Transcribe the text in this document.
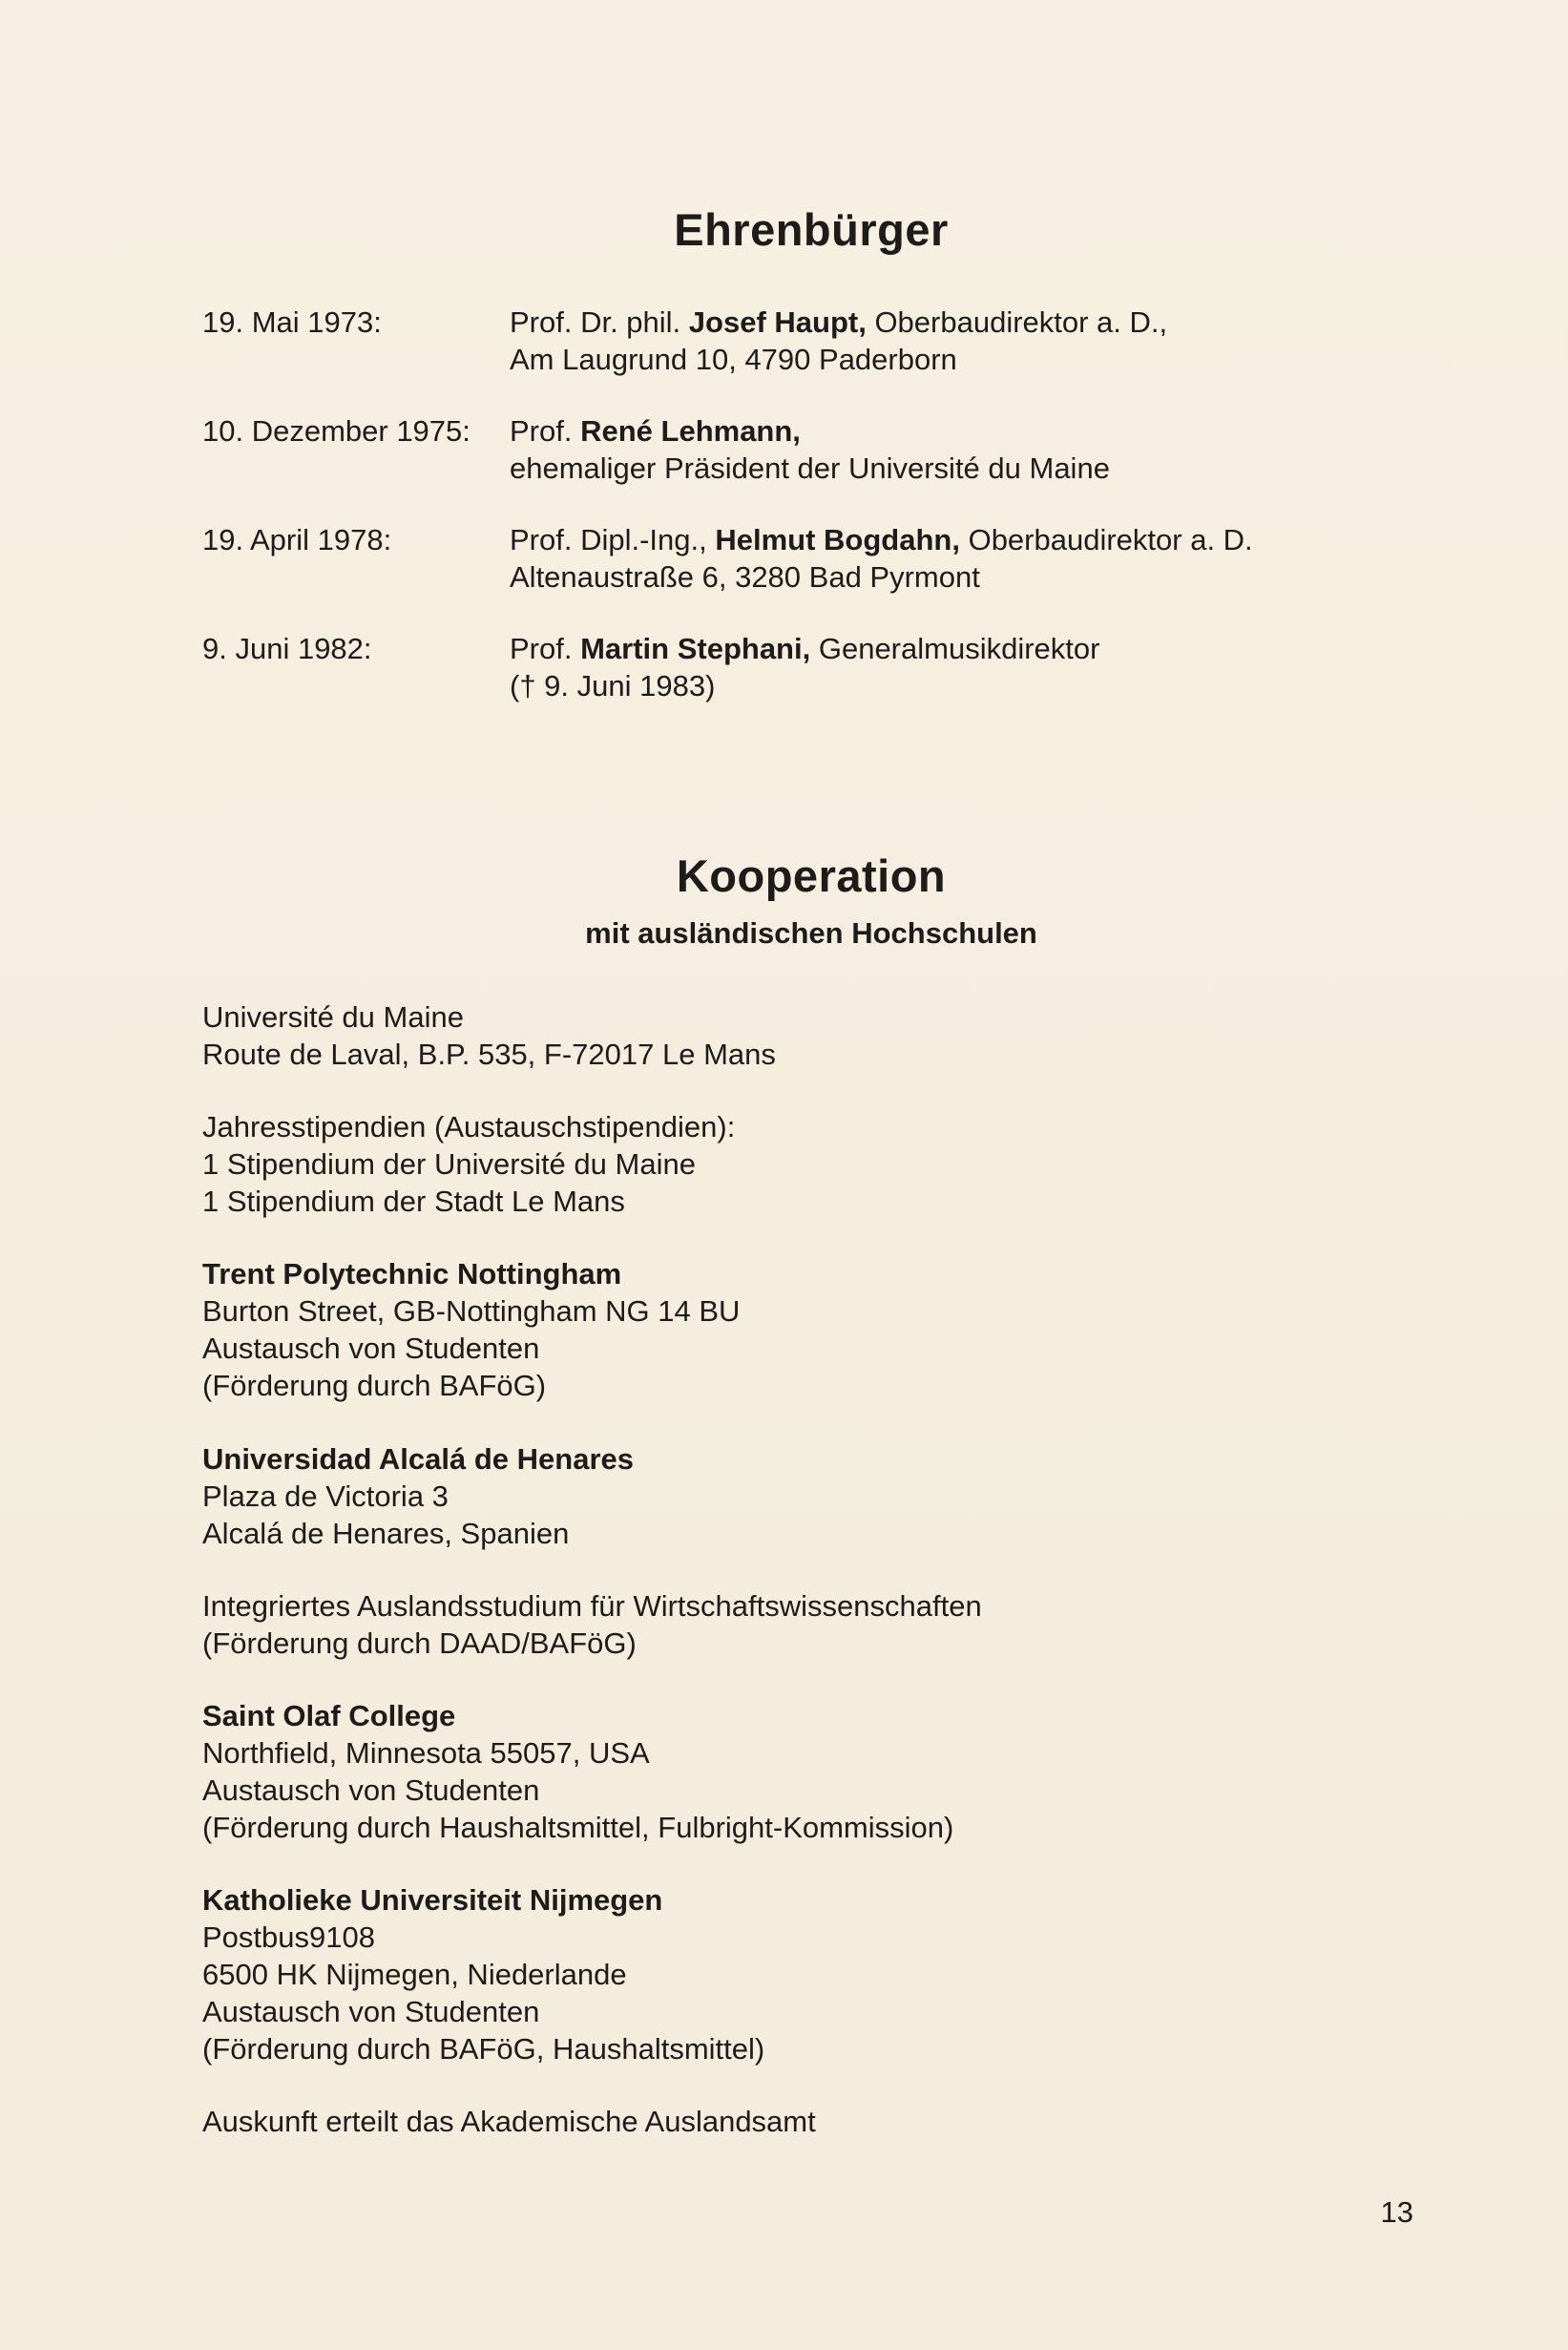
Ehrenbürger
19. Mai 1973:	Prof. Dr. phil. Josef Haupt, Oberbaudirektor a. D.,
Am Laugrund 10, 4790 Paderborn
10. Dezember 1975: Prof. René Lehmann,
ehemaliger Präsident der Université du Maine
19. April 1978:	Prof. Dipl.-Ing., Helmut Bogdahn, Oberbaudirektor a. D.
Altenaustraße 6, 3280 Bad Pyrmont
9. Juni 1982:	Prof. Martin Stephani, Generalmusikdirektor
(† 9. Juni 1983)
Kooperation
mit ausländischen Hochschulen
Université du Maine
Route de Laval, B.P. 535, F-72017 Le Mans
Jahresstipendien (Austauschstipendien):
1 Stipendium der Université du Maine
1 Stipendium der Stadt Le Mans
Trent Polytechnic Nottingham
Burton Street, GB-Nottingham NG 14 BU
Austausch von Studenten
(Förderung durch BAFöG)
Universidad Alcalá de Henares
Plaza de Victoria 3
Alcalá de Henares, Spanien
Integriertes Auslandsstudium für Wirtschaftswissenschaften
(Förderung durch DAAD/BAFöG)
Saint Olaf College
Northfield, Minnesota 55057, USA
Austausch von Studenten
(Förderung durch Haushaltsmittel, Fulbright-Kommission)
Katholieke Universiteit Nijmegen
Postbus9108
6500 HK Nijmegen, Niederlande
Austausch von Studenten
(Förderung durch BAFöG, Haushaltsmittel)
Auskunft erteilt das Akademische Auslandsamt
13
